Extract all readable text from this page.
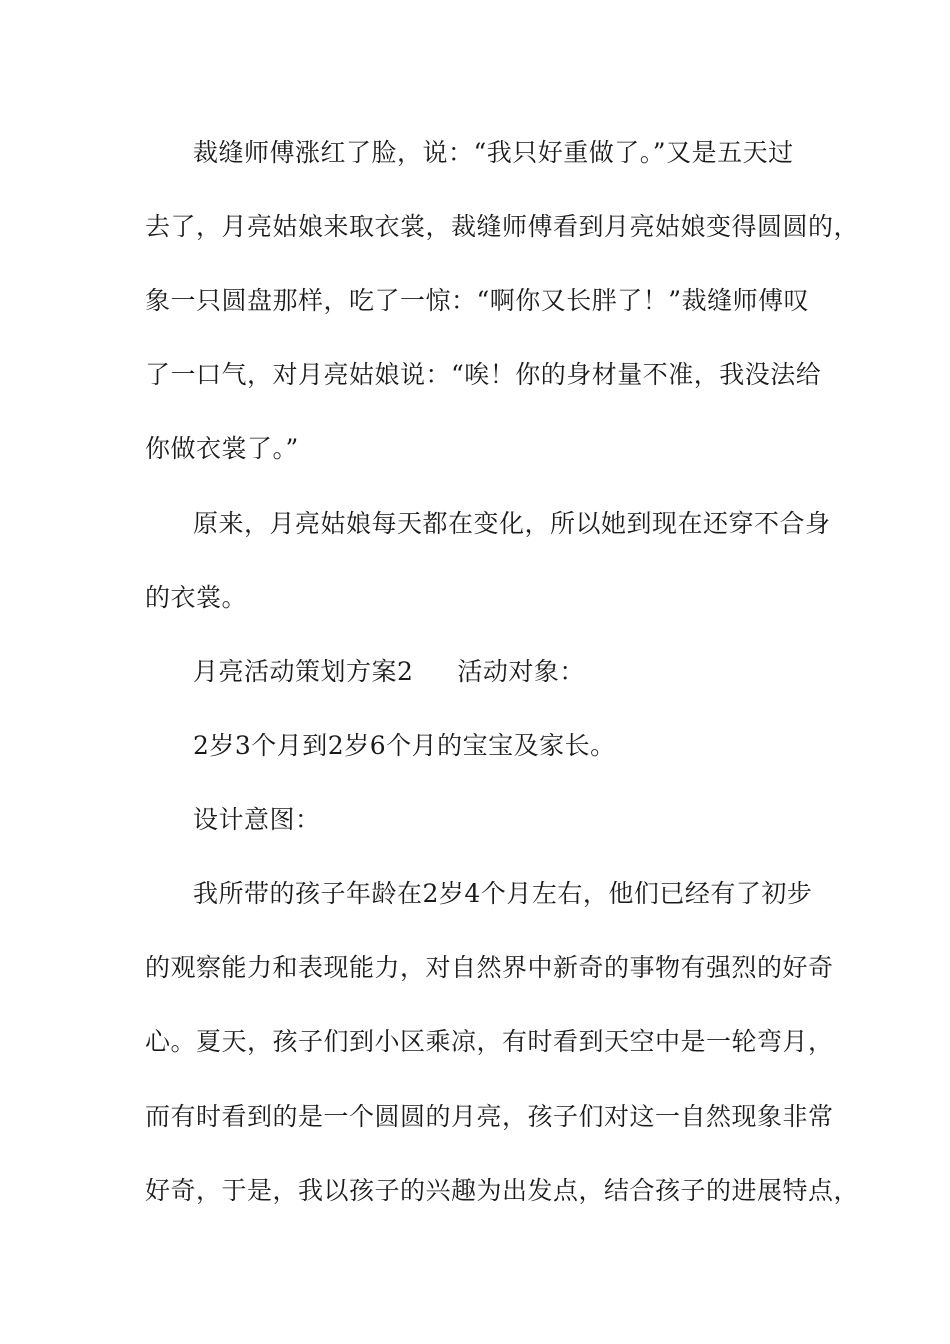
裁缝师傅涨红了脸，说：“我只好重做了。”又是五天过
去了，月亮姑娘来取衣裳，裁缝师傅看到月亮姑娘变得圆圆的，
象一只圆盘那样，吃了一惊：“啊你又长胖了！”裁缝师傅叹
了一口气，对月亮姑娘说：“唉！你的身材量不准，我没法给
你做衣裳了。”
原来，月亮姑娘每天都在变化，所以她到现在还穿不合身
的衣裳。
月亮活动策划方案2 活动对象：
2岁3个月到2岁6个月的宝宝及家长。
设计意图：
我所带的孩子年龄在2岁4个月左右，他们已经有了初步
的观察能力和表现能力，对自然界中新奇的事物有强烈的好奇
心。夏天，孩子们到小区乘凉，有时看到天空中是一轮弯月，
而有时看到的是一个圆圆的月亮，孩子们对这一自然现象非常
好奇，于是，我以孩子的兴趣为出发点，结合孩子的进展特点，
